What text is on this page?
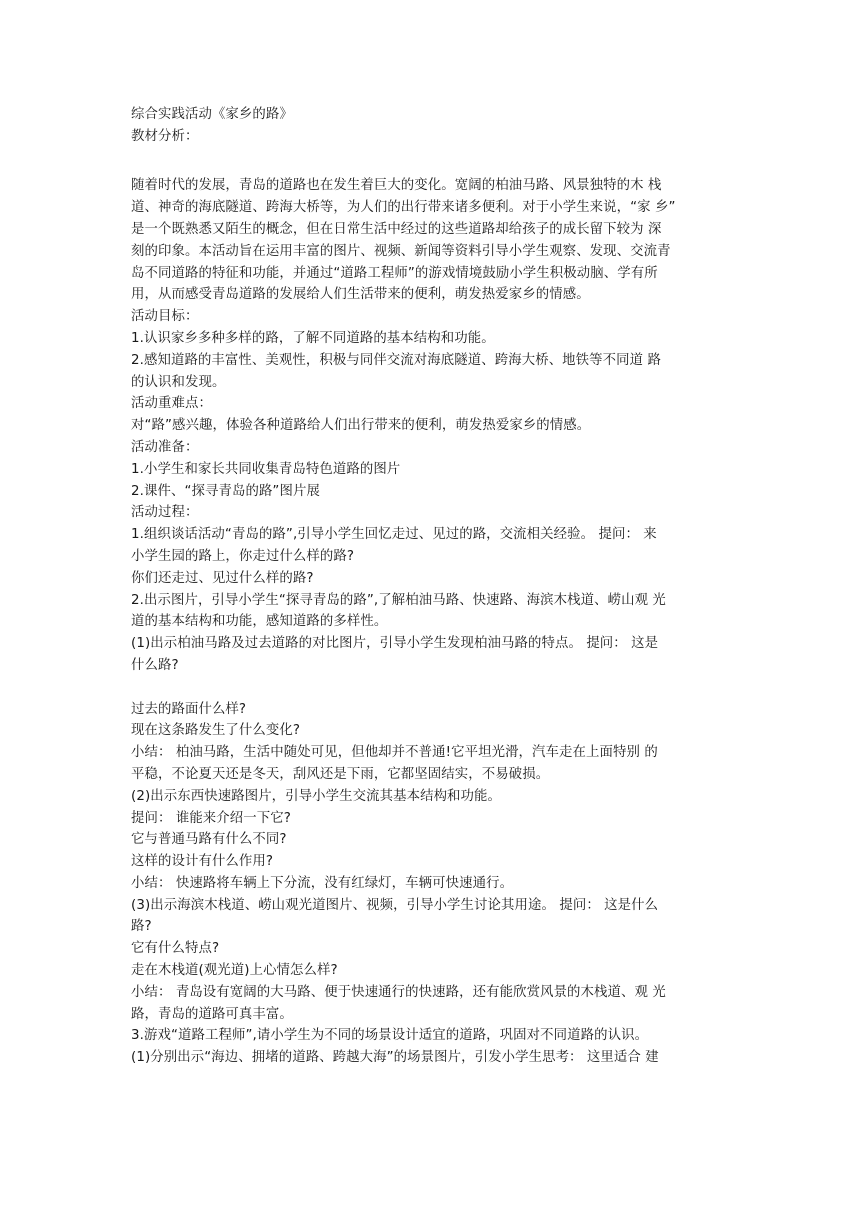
综合实践活动《家乡的路》
教材分析：
随着时代的发展，青岛的道路也在发生着巨大的变化。宽阔的柏油马路、风景独特的木 栈
道、神奇的海底隧道、跨海大桥等，为人们的出行带来诸多便利。对于小学生来说，“家 乡”
是一个既熟悉又陌生的概念，但在日常生活中经过的这些道路却给孩子的成长留下较为 深
刻的印象。本活动旨在运用丰富的图片、视频、新闻等资料引导小学生观察、发现、交流青
岛不同道路的特征和功能，并通过“道路工程师”的游戏情境鼓励小学生积极动脑、学有所
用，从而感受青岛道路的发展给人们生活带来的便利，萌发热爱家乡的情感。
活动目标：
1.认识家乡多种多样的路，了解不同道路的基本结构和功能。
2.感知道路的丰富性、美观性，积极与同伴交流对海底隧道、跨海大桥、地铁等不同道 路
的认识和发现。
活动重难点：
对“路”感兴趣，体验各种道路给人们出行带来的便利，萌发热爱家乡的情感。
活动准备：
1.小学生和家长共同收集青岛特色道路的图片
2.课件、“探寻青岛的路”图片展
活动过程：
1.组织谈话活动“青岛的路”,引导小学生回忆走过、见过的路，交流相关经验。 提问： 来
小学生园的路上，你走过什么样的路?
你们还走过、见过什么样的路?
2.出示图片，引导小学生“探寻青岛的路”,了解柏油马路、快速路、海滨木栈道、崂山观 光
道的基本结构和功能，感知道路的多样性。
(1)出示柏油马路及过去道路的对比图片，引导小学生发现柏油马路的特点。 提问： 这是
什么路?
过去的路面什么样?
现在这条路发生了什么变化?
小结： 柏油马路，生活中随处可见，但他却并不普通!它平坦光滑，汽车走在上面特别 的
平稳，不论夏天还是冬天，刮风还是下雨，它都坚固结实，不易破损。
(2)出示东西快速路图片，引导小学生交流其基本结构和功能。
提问： 谁能来介绍一下它?
它与普通马路有什么不同?
这样的设计有什么作用?
小结： 快速路将车辆上下分流，没有红绿灯，车辆可快速通行。
(3)出示海滨木栈道、崂山观光道图片、视频，引导小学生讨论其用途。 提问： 这是什么
路?
它有什么特点?
走在木栈道(观光道)上心情怎么样?
小结： 青岛设有宽阔的大马路、便于快速通行的快速路，还有能欣赏风景的木栈道、观 光
路，青岛的道路可真丰富。
3.游戏“道路工程师”,请小学生为不同的场景设计适宜的道路，巩固对不同道路的认识。
(1)分别出示“海边、拥堵的道路、跨越大海”的场景图片，引发小学生思考： 这里适合 建
